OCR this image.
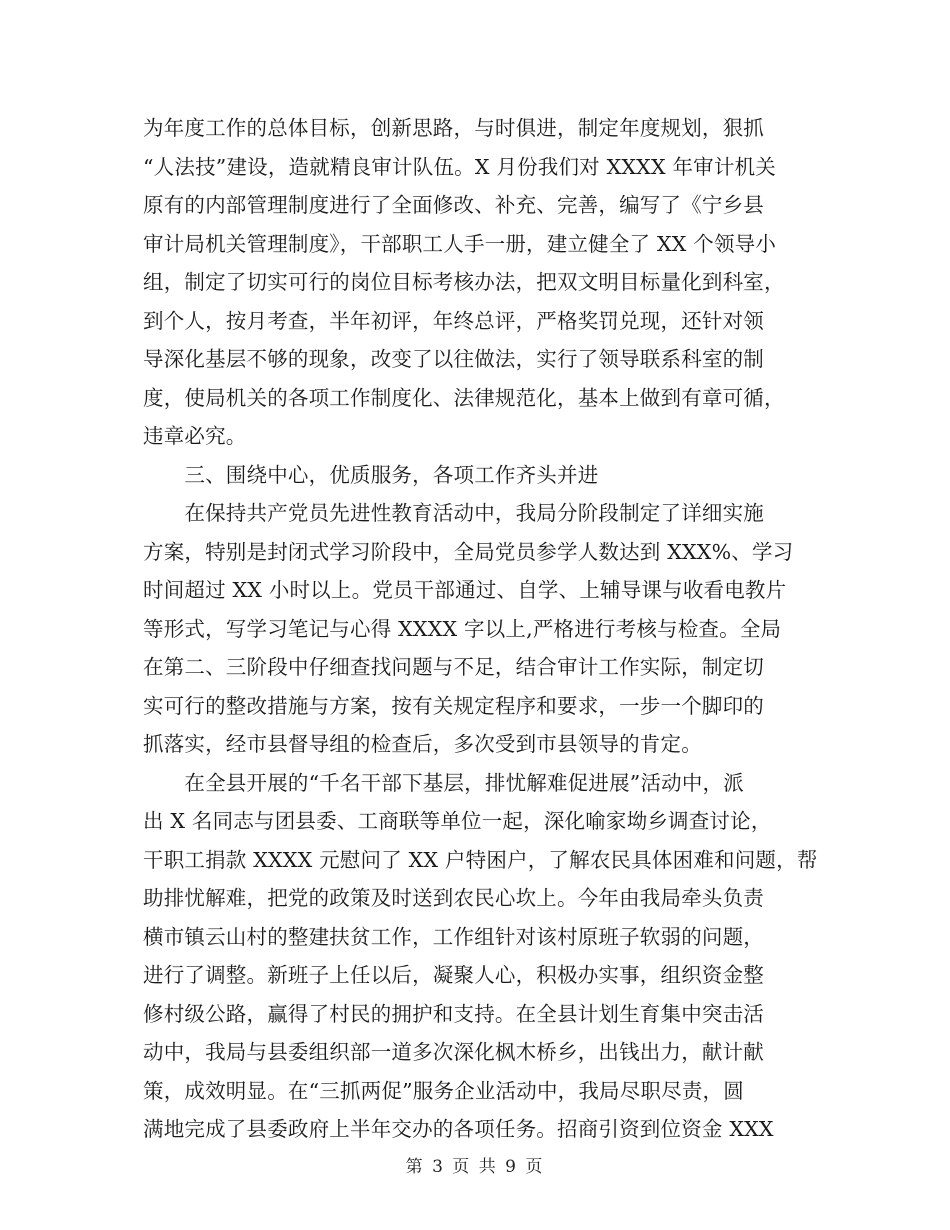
为年度工作的总体目标，创新思路，与时俱进，制定年度规划，狠抓
“人法技”建设，造就精良审计队伍。X 月份我们对 XXXX 年审计机关
原有的内部管理制度进行了全面修改、补充、完善，编写了《宁乡县
审计局机关管理制度》，干部职工人手一册，建立健全了 XX 个领导小
组，制定了切实可行的岗位目标考核办法，把双文明目标量化到科室，
到个人，按月考查，半年初评，年终总评，严格奖罚兑现，还针对领
导深化基层不够的现象，改变了以往做法，实行了领导联系科室的制
度，使局机关的各项工作制度化、法律规范化，基本上做到有章可循，
违章必究。
　　三、围绕中心，优质服务，各项工作齐头并进
　　在保持共产党员先进性教育活动中，我局分阶段制定了详细实施
方案，特别是封闭式学习阶段中，全局党员参学人数达到 XXX%、学习
时间超过 XX 小时以上。党员干部通过、自学、上辅导课与收看电教片
等形式，写学习笔记与心得 XXXX 字以上,严格进行考核与检查。全局
在第二、三阶段中仔细查找问题与不足，结合审计工作实际，制定切
实可行的整改措施与方案，按有关规定程序和要求，一步一个脚印的
抓落实，经市县督导组的检查后，多次受到市县领导的肯定。
　　在全县开展的“千名干部下基层，排忧解难促进展”活动中，派
出 X 名同志与团县委、工商联等单位一起，深化喻家坳乡调查讨论，
干职工捐款 XXXX 元慰问了 XX 户特困户，了解农民具体困难和问题，帮
助排忧解难，把党的政策及时送到农民心坎上。今年由我局牵头负责
横市镇云山村的整建扶贫工作，工作组针对该村原班子软弱的问题，
进行了调整。新班子上任以后，凝聚人心，积极办实事，组织资金整
修村级公路，赢得了村民的拥护和支持。在全县计划生育集中突击活
动中，我局与县委组织部一道多次深化枫木桥乡，出钱出力，献计献
策，成效明显。在“三抓两促”服务企业活动中，我局尽职尽责，圆
满地完成了县委政府上半年交办的各项任务。招商引资到位资金 XXX
第 3 页 共 9 页
